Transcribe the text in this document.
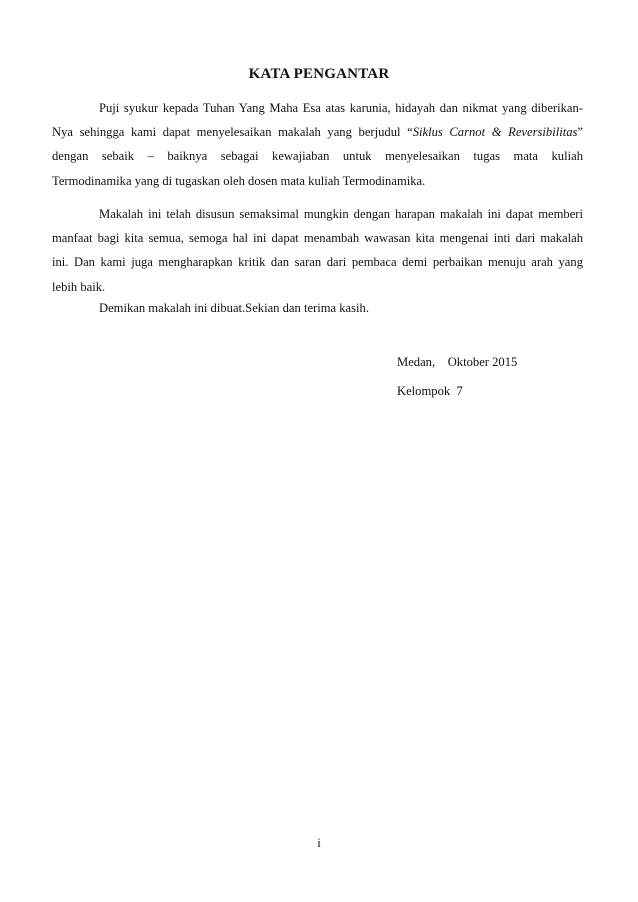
KATA PENGANTAR
Puji syukur kepada Tuhan Yang Maha Esa atas karunia, hidayah dan nikmat yang diberikan-
Nya sehingga kami dapat menyelesaikan makalah yang berjudul “Siklus Carnot & Reversibilitas”
dengan sebaik – baiknya sebagai kewajiaban untuk menyelesaikan tugas mata kuliah
Termodinamika yang di tugaskan oleh dosen mata kuliah Termodinamika.
Makalah ini telah disusun semaksimal mungkin dengan harapan makalah ini dapat memberi
manfaat bagi kita semua, semoga hal ini dapat menambah wawasan kita mengenai inti dari makalah
ini. Dan kami juga mengharapkan kritik dan saran dari pembaca demi perbaikan menuju arah yang
lebih baik.
Demikan makalah ini dibuat.Sekian dan terima kasih.
Medan,    Oktober 2015
Kelompok  7
i
